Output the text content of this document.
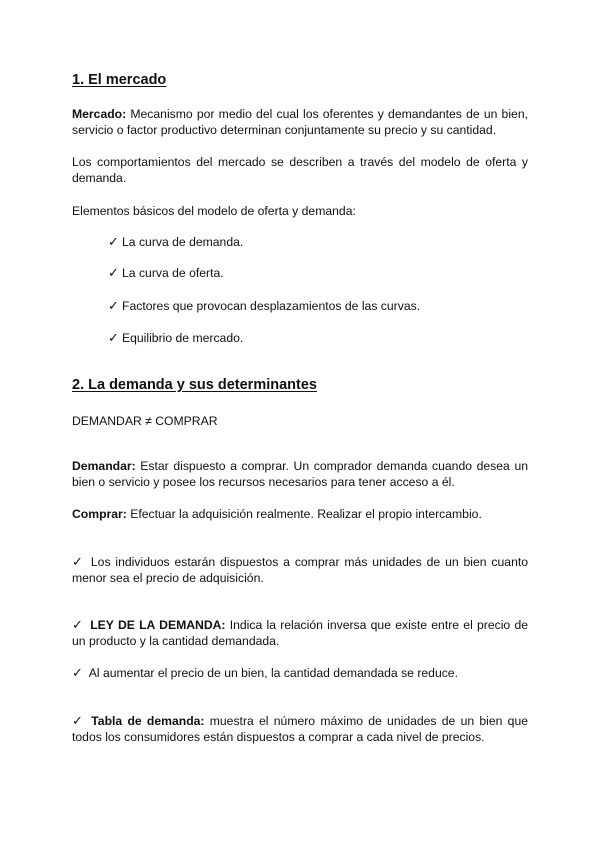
1. El mercado

Mercado: Mecanismo por medio del cual los oferentes y demandantes de un bien, servicio o factor productivo determinan conjuntamente su precio y su cantidad.

Los comportamientos del mercado se describen a través del modelo de oferta y demanda.

Elementos básicos del modelo de oferta y demanda:

✓ La curva de demanda.

✓ La curva de oferta.

✓ Factores que provocan desplazamientos de las curvas.

✓ Equilibrio de mercado.

2. La demanda y sus determinantes

DEMANDAR ≠ COMPRAR

Demandar: Estar dispuesto a comprar. Un comprador demanda cuando desea un bien o servicio y posee los recursos necesarios para tener acceso a él.

Comprar: Efectuar la adquisición realmente. Realizar el propio intercambio.

✓ Los individuos estarán dispuestos a comprar más unidades de un bien cuanto menor sea el precio de adquisición.

✓ LEY DE LA DEMANDA: Indica la relación inversa que existe entre el precio de un producto y la cantidad demandada.

✓ Al aumentar el precio de un bien, la cantidad demandada se reduce.

✓ Tabla de demanda: muestra el número máximo de unidades de un bien que todos los consumidores están dispuestos a comprar a cada nivel de precios.
